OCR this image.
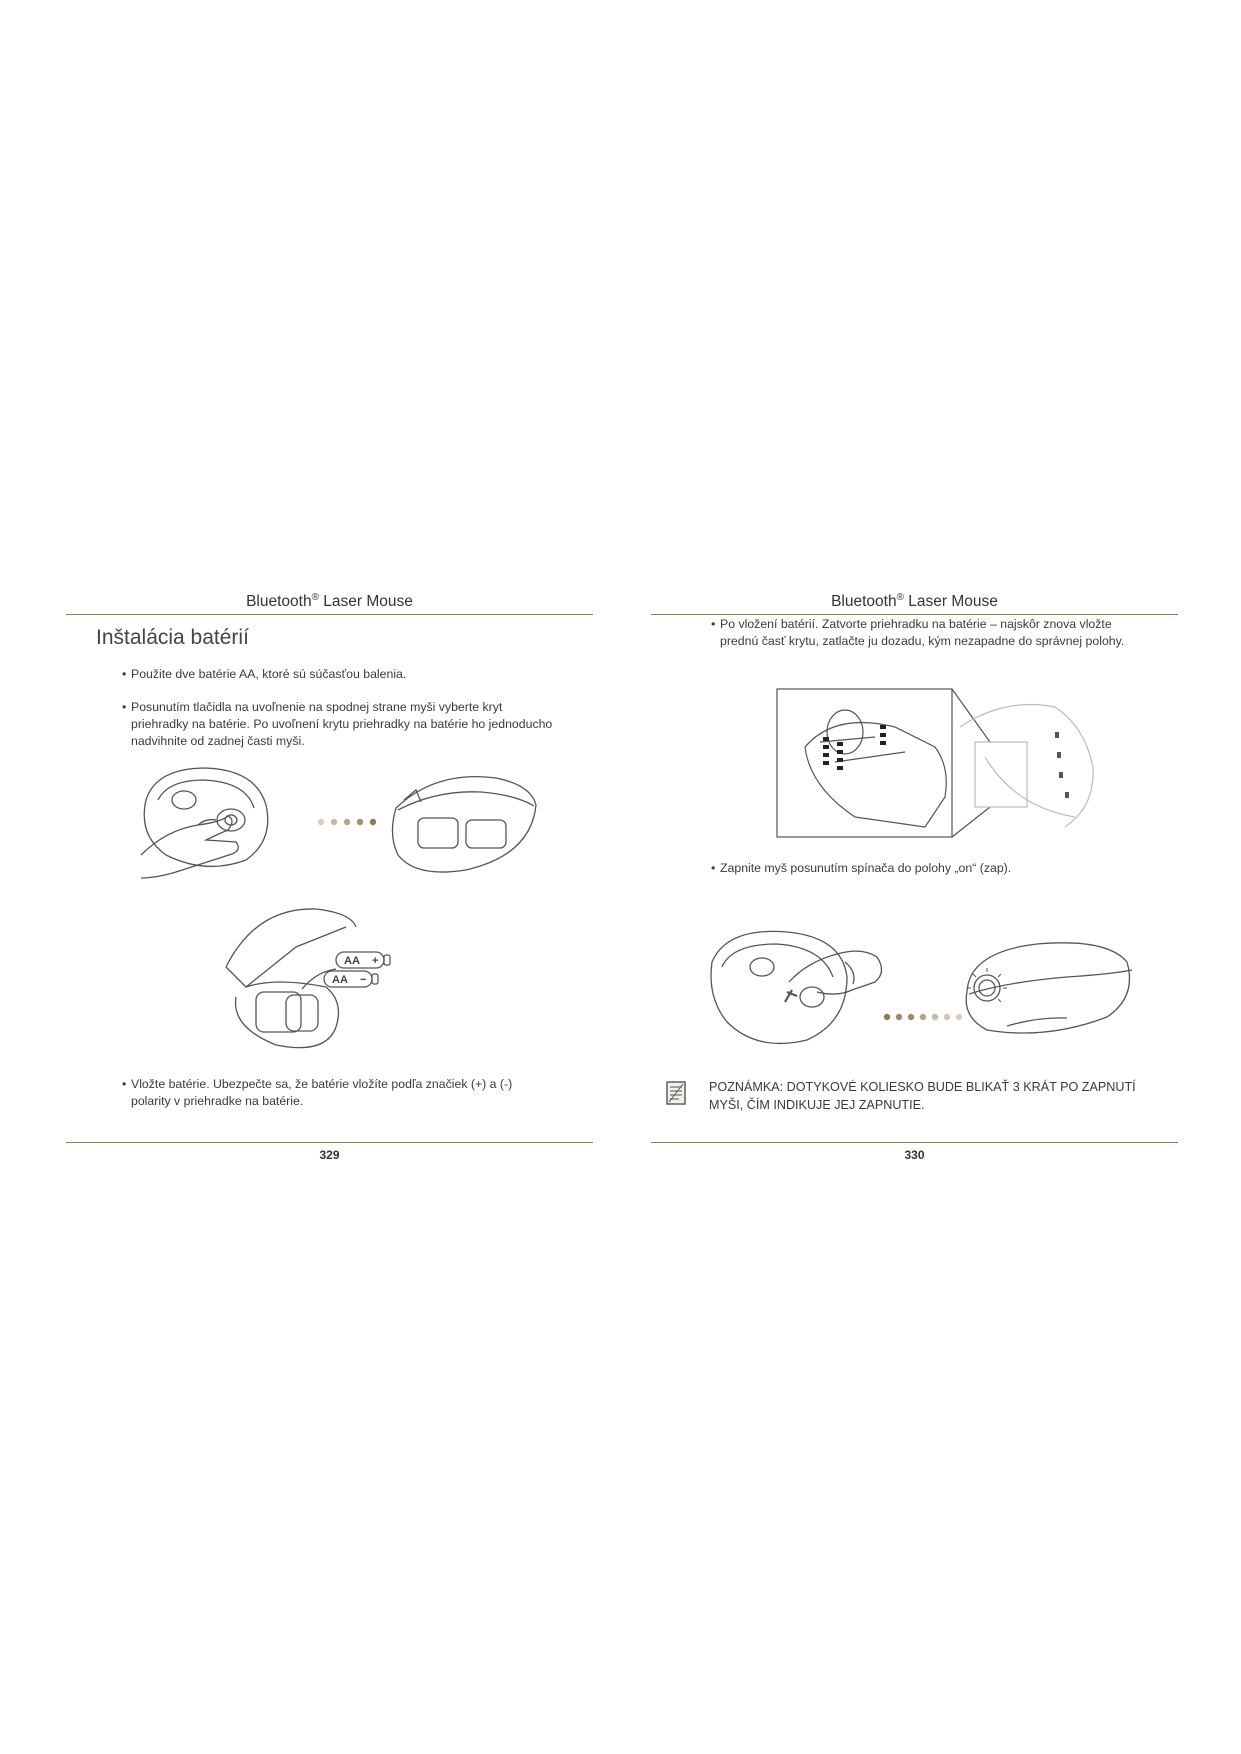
Bluetooth® Laser Mouse
Inštalácia batérií
• Použite dve batérie AA, ktoré sú súčasťou balenia.
• Posunutím tlačidla na uvoľnenie na spodnej strane myši vyberte kryt
priehradky na batérie. Po uvoľnení krytu priehradky na batérie ho jednoducho
nadvihnite od zadnej časti myši.
AA +
AA −
• Vložte batérie. Ubezpečte sa, že batérie vložíte podľa značiek (+) a (-)
polarity v priehradke na batérie.
329
Bluetooth® Laser Mouse
• Po vložení batérií. Zatvorte priehradku na batérie – najskôr znova vložte
prednú časť krytu, zatlačte ju dozadu, kým nezapadne do správnej polohy.
• Zapnite myš posunutím spínača do polohy „on“ (zap).
POZNÁMKA: DOTYKOVÉ KOLIESKO BUDE BLIKAŤ 3 KRÁT PO ZAPNUTÍ
MYŠI, ČÍM INDIKUJE JEJ ZAPNUTIE.
330
